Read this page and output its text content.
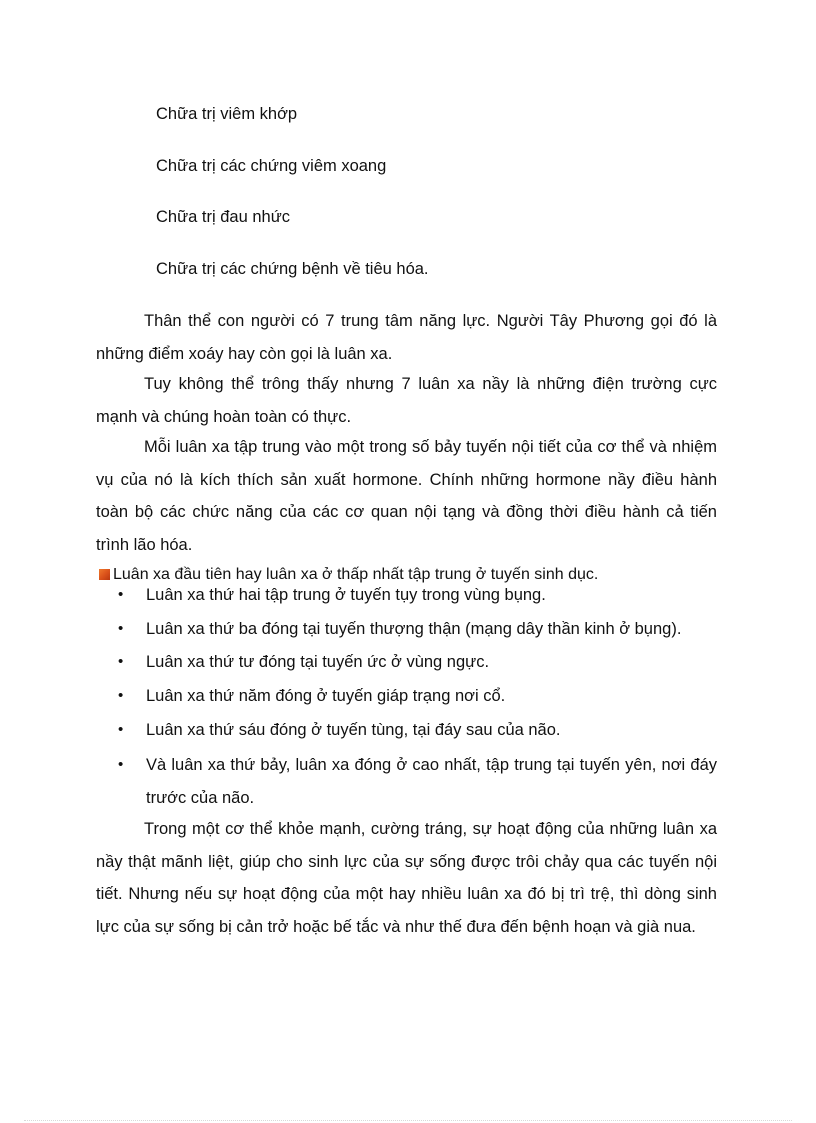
Chữa trị viêm khớp

Chữa trị các chứng viêm xoang

Chữa trị đau nhức

Chữa trị các chứng bệnh về tiêu hóa.

Thân thể con người có 7 trung tâm năng lực. Người Tây Phương gọi đó là những điểm xoáy hay còn gọi là luân xa.

Tuy không thể trông thấy nhưng 7 luân xa nầy là những điện trường cực mạnh và chúng hoàn toàn có thực.

Mỗi luân xa tập trung vào một trong số bảy tuyến nội tiết của cơ thể và nhiệm vụ của nó là kích thích sản xuất hormone. Chính những hormone nầy điều hành toàn bộ các chức năng của các cơ quan nội tạng và đồng thời điều hành cả tiến trình lão hóa.

Luân xa đầu tiên hay luân xa ở thấp nhất tập trung ở tuyến sinh dục.

•	Luân xa thứ hai tập trung ở tuyến tụy trong vùng bụng.
•	Luân xa thứ ba đóng tại tuyến thượng thận (mạng dây thần kinh ở bụng).
•	Luân xa thứ tư đóng tại tuyến ức ở vùng ngực.
•	Luân xa thứ năm đóng ở tuyến giáp trạng nơi cổ.
•	Luân xa thứ sáu đóng ở tuyến tùng, tại đáy sau của não.
•	Và luân xa thứ bảy, luân xa đóng ở cao nhất, tập trung tại tuyến yên, nơi đáy trước của não.

Trong một cơ thể khỏe mạnh, cường tráng, sự hoạt động của những luân xa nầy thật mãnh liệt, giúp cho sinh lực của sự sống được trôi chảy qua các tuyến nội tiết. Nhưng nếu sự hoạt động của một hay nhiều luân xa đó bị trì trệ, thì dòng sinh lực của sự sống bị cản trở hoặc bế tắc và như thế đưa đến bệnh hoạn và già nua.
